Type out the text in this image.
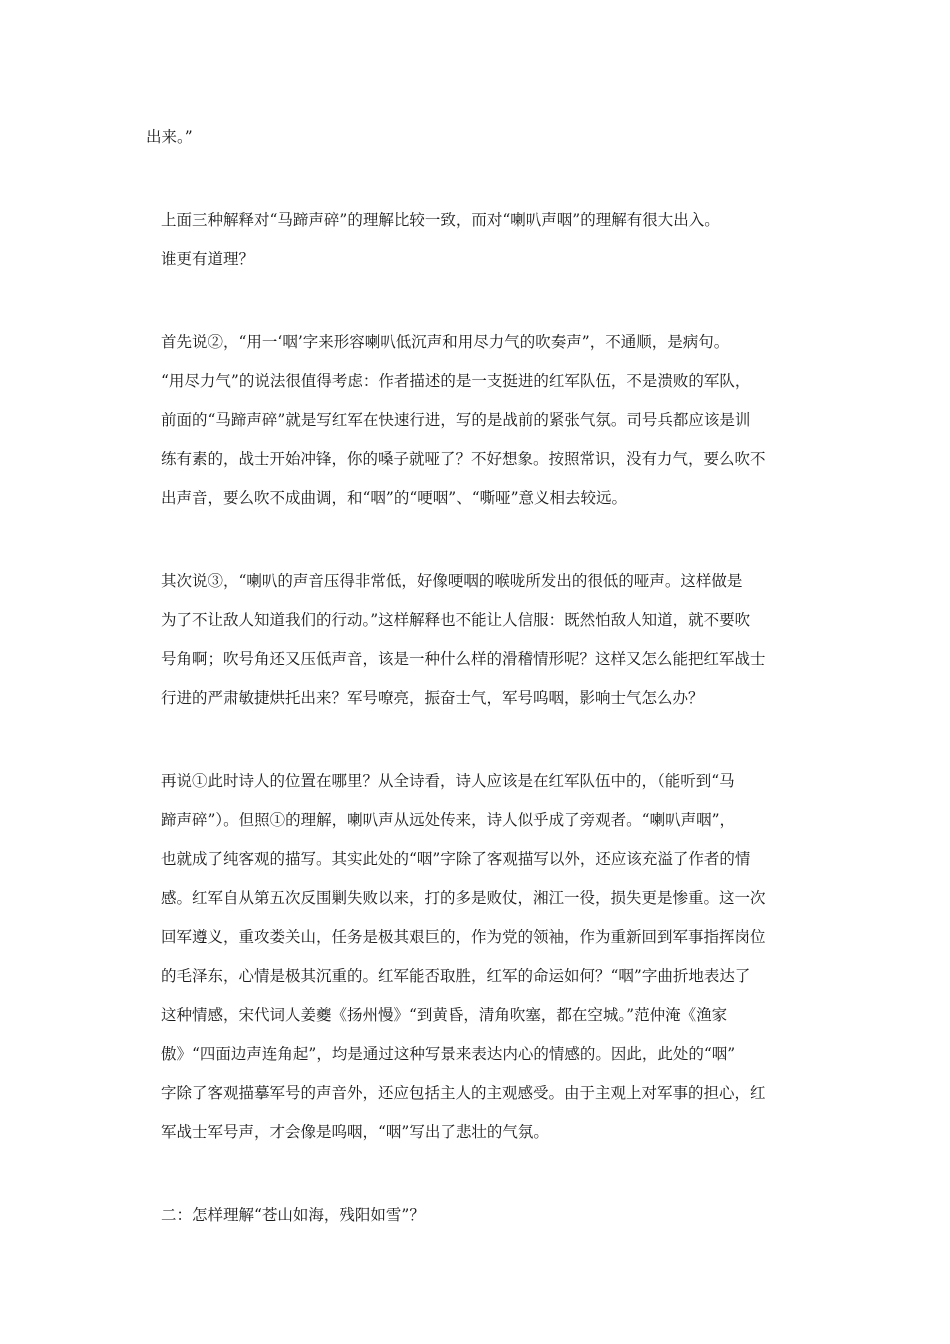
出来。”
上面三种解释对“马蹄声碎”的理解比较一致，而对“喇叭声咽”的理解有很大出入。
谁更有道理？
首先说②，“用一‘咽’字来形容喇叭低沉声和用尽力气的吹奏声”，不通顺，是病句。
“用尽力气”的说法很值得考虑：作者描述的是一支挺进的红军队伍，不是溃败的军队，
前面的“马蹄声碎”就是写红军在快速行进，写的是战前的紧张气氛。司号兵都应该是训
练有素的，战士开始冲锋，你的嗓子就哑了？不好想象。按照常识，没有力气，要么吹不
出声音，要么吹不成曲调，和“咽”的“哽咽”、“嘶哑”意义相去较远。
其次说③，“喇叭的声音压得非常低，好像哽咽的喉咙所发出的很低的哑声。这样做是
为了不让敌人知道我们的行动。”这样解释也不能让人信服：既然怕敌人知道，就不要吹
号角啊；吹号角还又压低声音，该是一种什么样的滑稽情形呢？这样又怎么能把红军战士
行进的严肃敏捷烘托出来？军号嘹亮，振奋士气，军号呜咽，影响士气怎么办？
再说①此时诗人的位置在哪里？从全诗看，诗人应该是在红军队伍中的，（能听到“马
蹄声碎”）。但照①的理解，喇叭声从远处传来，诗人似乎成了旁观者。“喇叭声咽”，
也就成了纯客观的描写。其实此处的“咽”字除了客观描写以外，还应该充溢了作者的情
感。红军自从第五次反围剿失败以来，打的多是败仗，湘江一役，损失更是惨重。这一次
回军遵义，重攻娄关山，任务是极其艰巨的，作为党的领袖，作为重新回到军事指挥岗位
的毛泽东，心情是极其沉重的。红军能否取胜，红军的命运如何？“咽”字曲折地表达了
这种情感，宋代词人姜夔《扬州慢》“到黄昏，清角吹塞，都在空城。”范仲淹《渔家
傲》“四面边声连角起”，均是通过这种写景来表达内心的情感的。因此，此处的“咽”
字除了客观描摹军号的声音外，还应包括主人的主观感受。由于主观上对军事的担心，红
军战士军号声，才会像是呜咽，“咽”写出了悲壮的气氛。
二：怎样理解“苍山如海，残阳如雪”？
